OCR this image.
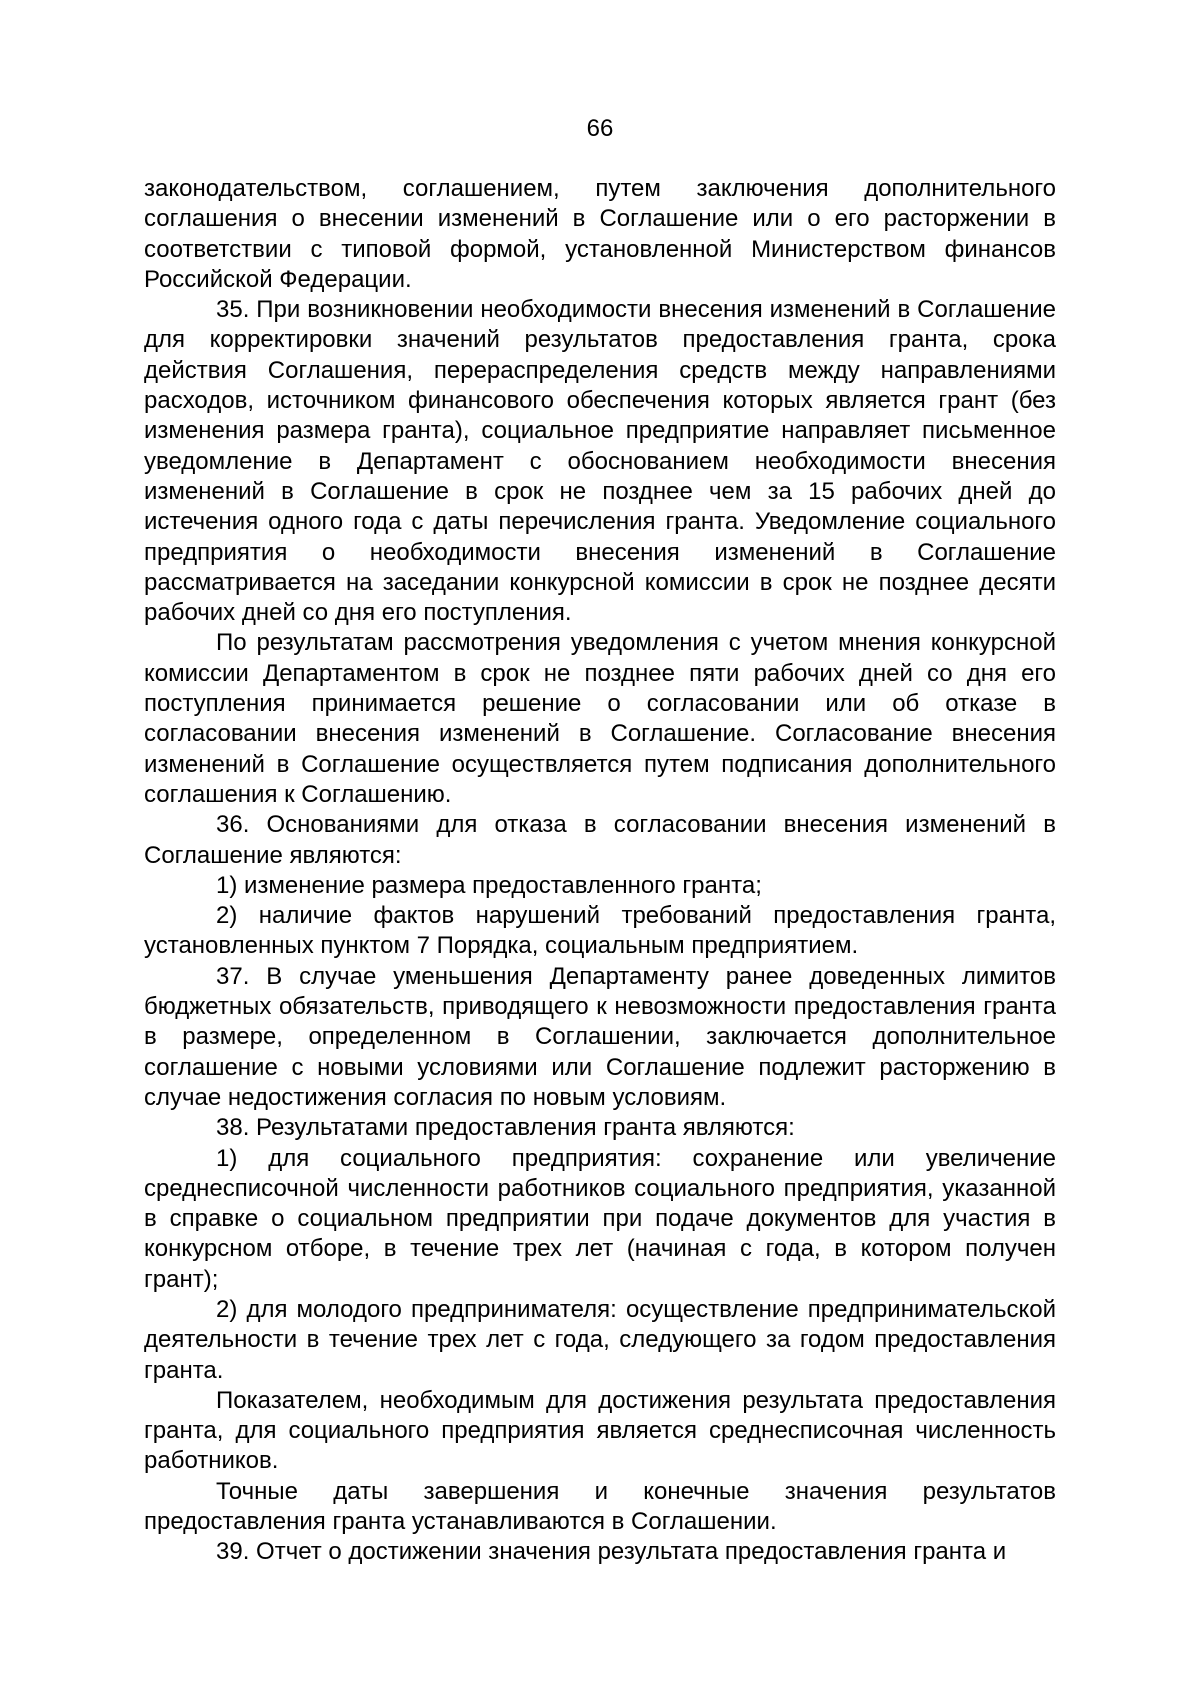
66

законодательством, соглашением, путем заключения дополнительного соглашения о внесении изменений в Соглашение или о его расторжении в соответствии с типовой формой, установленной Министерством финансов Российской Федерации.

35. При возникновении необходимости внесения изменений в Соглашение для корректировки значений результатов предоставления гранта, срока действия Соглашения, перераспределения средств между направлениями расходов, источником финансового обеспечения которых является грант (без изменения размера гранта), социальное предприятие направляет письменное уведомление в Департамент с обоснованием необходимости внесения изменений в Соглашение в срок не позднее чем за 15 рабочих дней до истечения одного года с даты перечисления гранта. Уведомление социального предприятия о необходимости внесения изменений в Соглашение рассматривается на заседании конкурсной комиссии в срок не позднее десяти рабочих дней со дня его поступления.

По результатам рассмотрения уведомления с учетом мнения конкурсной комиссии Департаментом в срок не позднее пяти рабочих дней со дня его поступления принимается решение о согласовании или об отказе в согласовании внесения изменений в Соглашение. Согласование внесения изменений в Соглашение осуществляется путем подписания дополнительного соглашения к Соглашению.

36. Основаниями для отказа в согласовании внесения изменений в Соглашение являются:

1) изменение размера предоставленного гранта;

2) наличие фактов нарушений требований предоставления гранта, установленных пунктом 7 Порядка, социальным предприятием.

37. В случае уменьшения Департаменту ранее доведенных лимитов бюджетных обязательств, приводящего к невозможности предоставления гранта в размере, определенном в Соглашении, заключается дополнительное соглашение с новыми условиями или Соглашение подлежит расторжению в случае недостижения согласия по новым условиям.

38. Результатами предоставления гранта являются:

1) для социального предприятия: сохранение или увеличение среднесписочной численности работников социального предприятия, указанной в справке о социальном предприятии при подаче документов для участия в конкурсном отборе, в течение трех лет (начиная с года, в котором получен грант);

2) для молодого предпринимателя: осуществление предпринимательской деятельности в течение трех лет с года, следующего за годом предоставления гранта.

Показателем, необходимым для достижения результата предоставления гранта, для социального предприятия является среднесписочная численность работников.

Точные даты завершения и конечные значения результатов предоставления гранта устанавливаются в Соглашении.

39. Отчет о достижении значения результата предоставления гранта и
